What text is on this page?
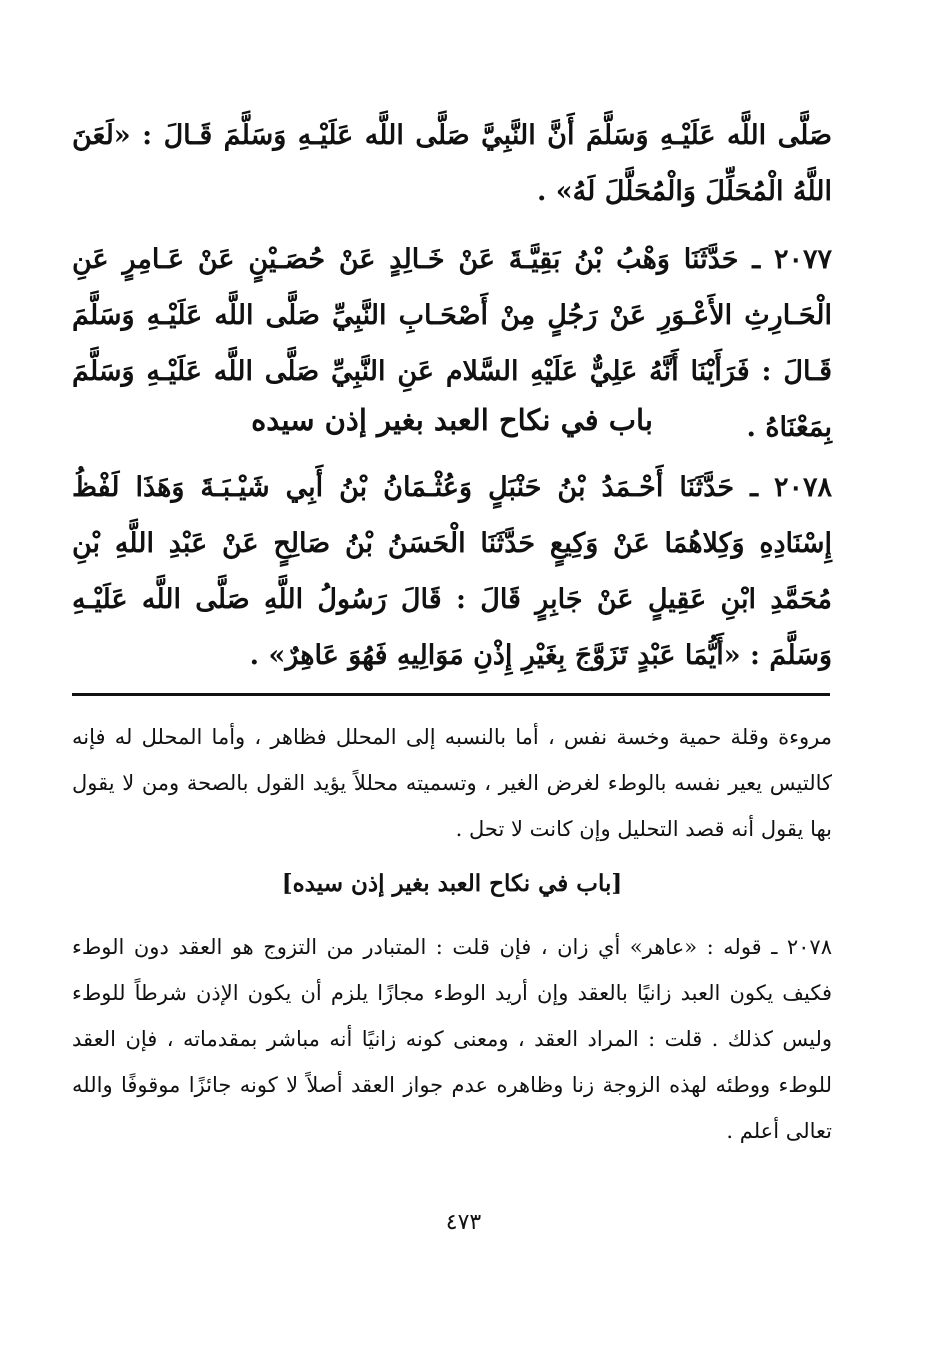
صَلَّى اللَّه عَلَيْـهِ وَسَلَّمَ أَنَّ النَّبِيَّ صَلَّى اللَّه عَلَيْـهِ وَسَلَّمَ قَـالَ : «لَعَنَ اللَّهُ الْمُحَلِّلَ وَالْمُحَلَّلَ لَهُ» .

٢٠٧٧ ـ حَدَّثَنَا وَهْبُ بْنُ بَقِيَّـةَ عَنْ خَـالِدٍ عَنْ حُصَـيْنٍ عَنْ عَـامِرٍ عَنِ الْحَـارِثِ الأَعْـوَرِ عَنْ رَجُلٍ مِنْ أَصْحَـابِ النَّبِيِّ صَلَّى اللَّه عَلَيْـهِ وَسَلَّمَ قَـالَ : فَرَأَيْنَا أَنَّهُ عَلِيٌّ عَلَيْهِ السَّلام عَنِ النَّبِيِّ صَلَّى اللَّه عَلَيْـهِ وَسَلَّمَ بِمَعْنَاهُ .

باب في نكاح العبد بغير إذن سيده

٢٠٧٨ ـ حَدَّثَنَا أَحْـمَدُ بْنُ حَنْبَلٍ وَعُثْـمَانُ بْنُ أَبِي شَيْـبَـةَ وَهَذَا لَفْظُ إِسْنَادِهِ وَكِلاهُمَا عَنْ وَكِيعٍ حَدَّثَنَا الْحَسَنُ بْنُ صَالِحٍ عَنْ عَبْدِ اللَّهِ بْنِ مُحَمَّدِ ابْنِ عَقِيلٍ عَنْ جَابِرٍ قَالَ : قَالَ رَسُولُ اللَّهِ صَلَّى اللَّه عَلَيْـهِ وَسَلَّمَ : «أَيُّمَا عَبْدٍ تَزَوَّجَ بِغَيْرِ إِذْنِ مَوَالِيهِ فَهُوَ عَاهِرٌ» .

مروءة وقلة حمية وخسة نفس ، أما بالنسبه إلى المحلل فظاهر ، وأما المحلل له فإنه كالتيس يعير نفسه بالوطء لغرض الغير ، وتسميته محللاً يؤيد القول بالصحة ومن لا يقول بها يقول أنه قصد التحليل وإن كانت لا تحل .

[باب في نكاح العبد بغير إذن سيده]

٢٠٧٨ ـ قوله : «عاهر» أي زان ، فإن قلت : المتبادر من التزوج هو العقد دون الوطء فكيف يكون العبد زانيًا بالعقد وإن أريد الوطء مجازًا يلزم أن يكون الإذن شرطاً للوطء وليس كذلك . قلت : المراد العقد ، ومعنى كونه زانيًا أنه مباشر بمقدماته ، فإن العقد للوطء ووطئه لهذه الزوجة زنا وظاهره عدم جواز العقد أصلاً لا كونه جائزًا موقوفًا والله تعالى أعلم .

٤٧٣
